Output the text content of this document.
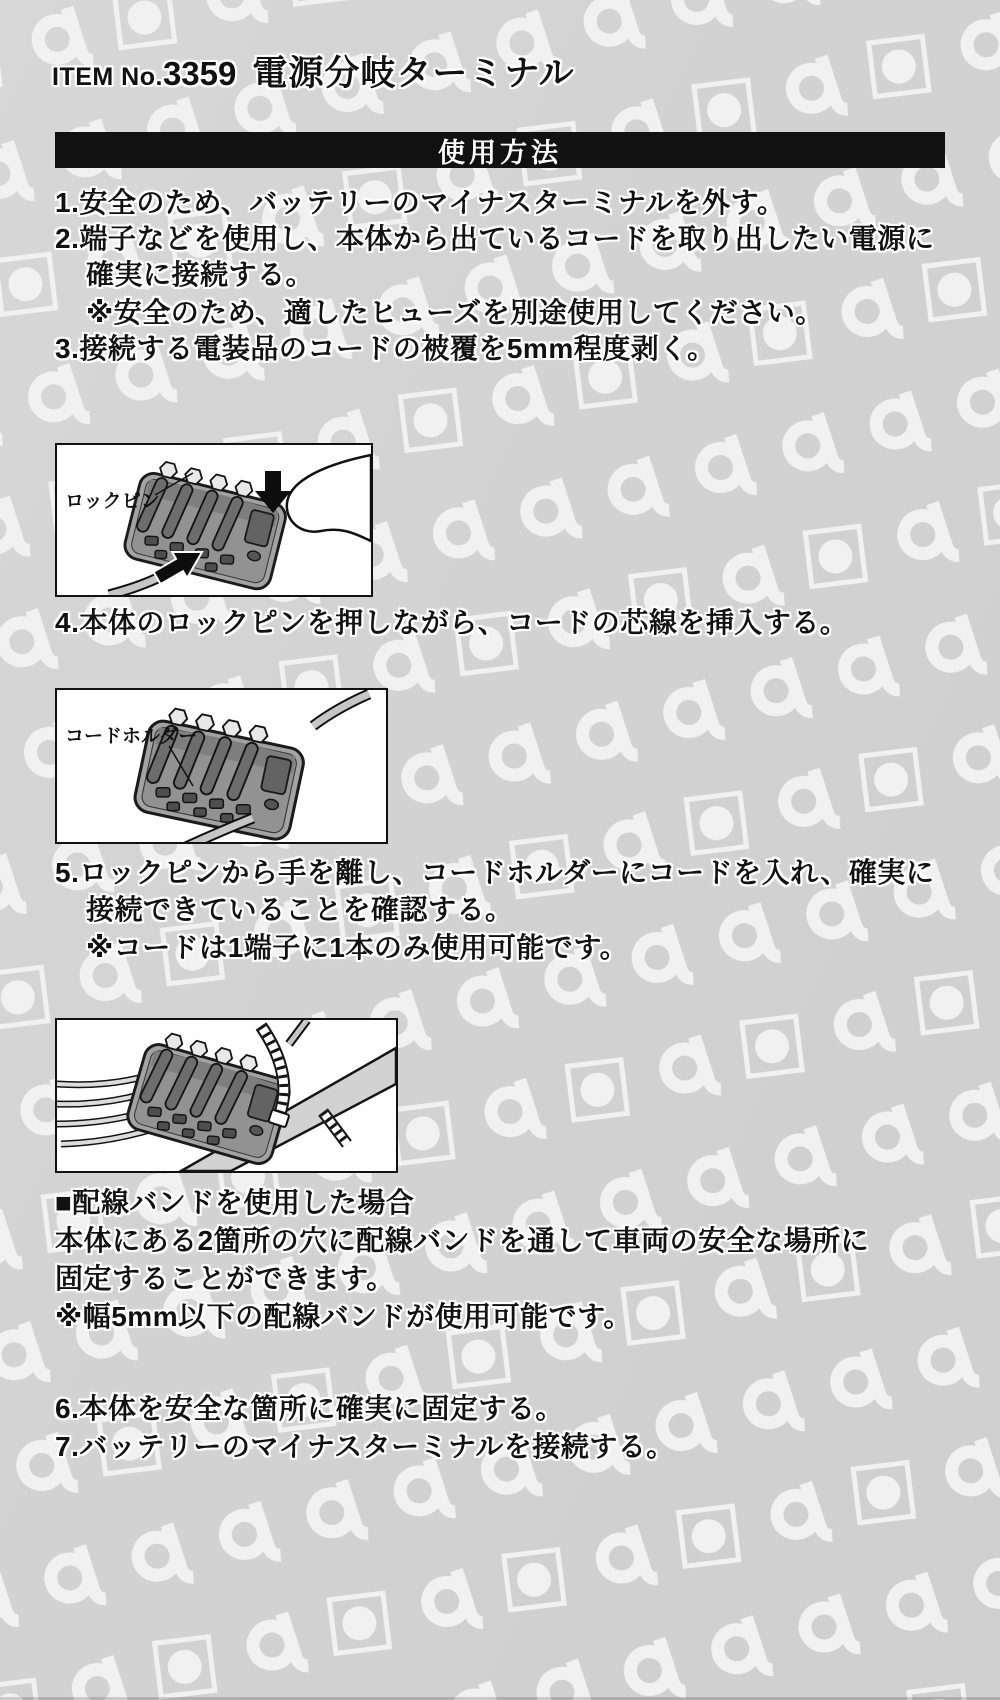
ITEM No.3359 電源分岐ターミナル
使用方法
1.安全のため、バッテリーのマイナスターミナルを外す。
2.端子などを使用し、本体から出ているコードを取り出したい電源に
確実に接続する。
※安全のため、適したヒューズを別途使用してください。
3.接続する電装品のコードの被覆を5mm程度剥く。
ロックピン
4.本体のロックピンを押しながら、コードの芯線を挿入する。
コードホルダー
5.ロックピンから手を離し、コードホルダーにコードを入れ、確実に
接続できていることを確認する。
※コードは1端子に1本のみ使用可能です。
■配線バンドを使用した場合
本体にある2箇所の穴に配線バンドを通して車両の安全な場所に
固定することができます。
※幅5mm以下の配線バンドが使用可能です。
6.本体を安全な箇所に確実に固定する。
7.バッテリーのマイナスターミナルを接続する。
